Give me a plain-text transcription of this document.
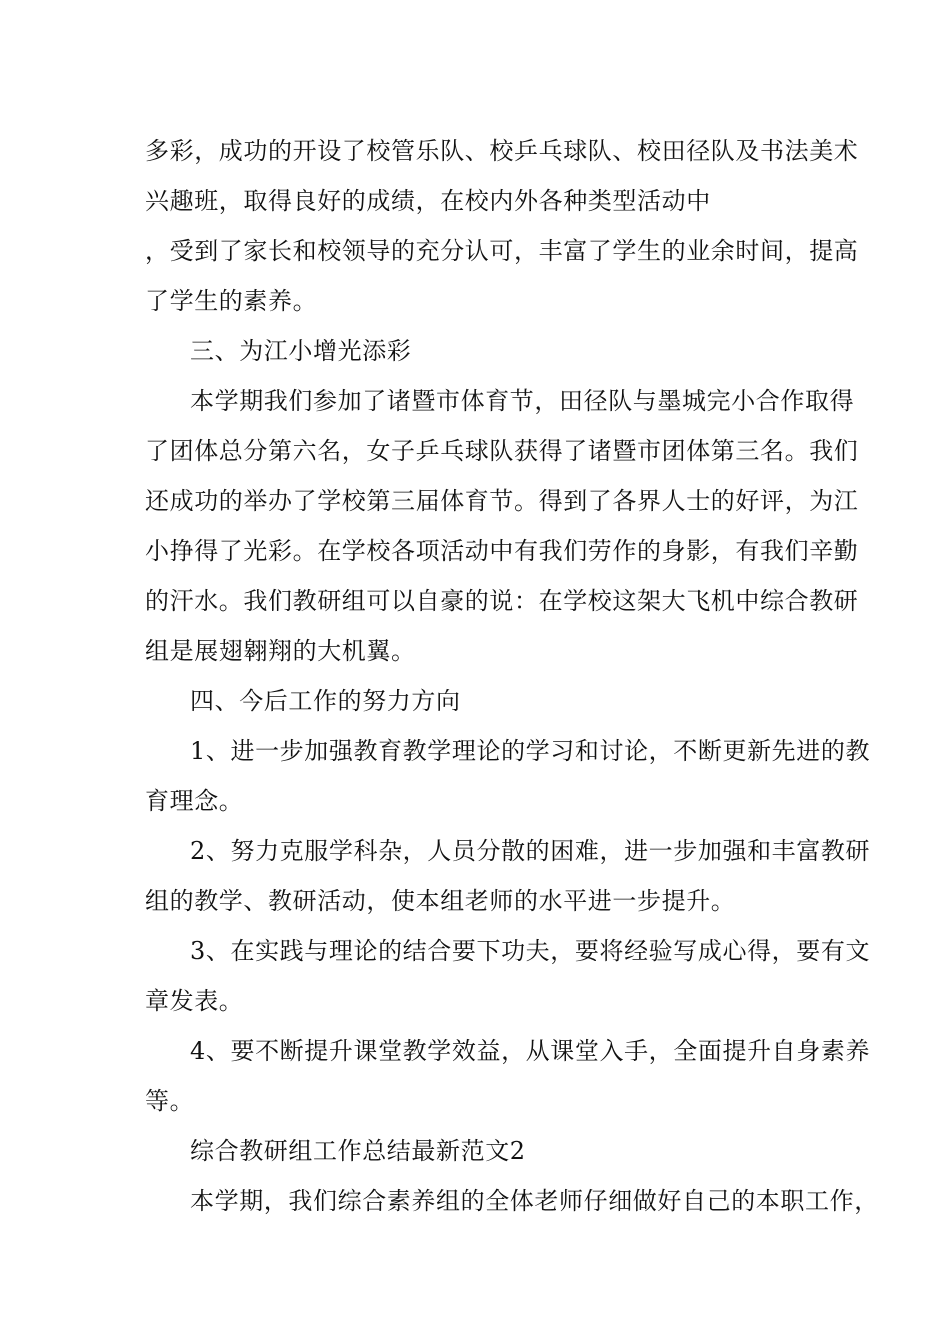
多彩，成功的开设了校管乐队、校乒乓球队、校田径队及书法美术
兴趣班，取得良好的成绩，在校内外各种类型活动中
，受到了家长和校领导的充分认可，丰富了学生的业余时间，提高
了学生的素养。
三、为江小增光添彩
本学期我们参加了诸暨市体育节，田径队与墨城完小合作取得
了团体总分第六名，女子乒乓球队获得了诸暨市团体第三名。我们
还成功的举办了学校第三届体育节。得到了各界人士的好评，为江
小挣得了光彩。在学校各项活动中有我们劳作的身影，有我们辛勤
的汗水。我们教研组可以自豪的说：在学校这架大飞机中综合教研
组是展翅翱翔的大机翼。
四、今后工作的努力方向
1、进一步加强教育教学理论的学习和讨论，不断更新先进的教
育理念。
2、努力克服学科杂，人员分散的困难，进一步加强和丰富教研
组的教学、教研活动，使本组老师的水平进一步提升。
3、在实践与理论的结合要下功夫，要将经验写成心得，要有文
章发表。
4、要不断提升课堂教学效益，从课堂入手，全面提升自身素养
等。
综合教研组工作总结最新范文2
本学期，我们综合素养组的全体老师仔细做好自己的本职工作，
